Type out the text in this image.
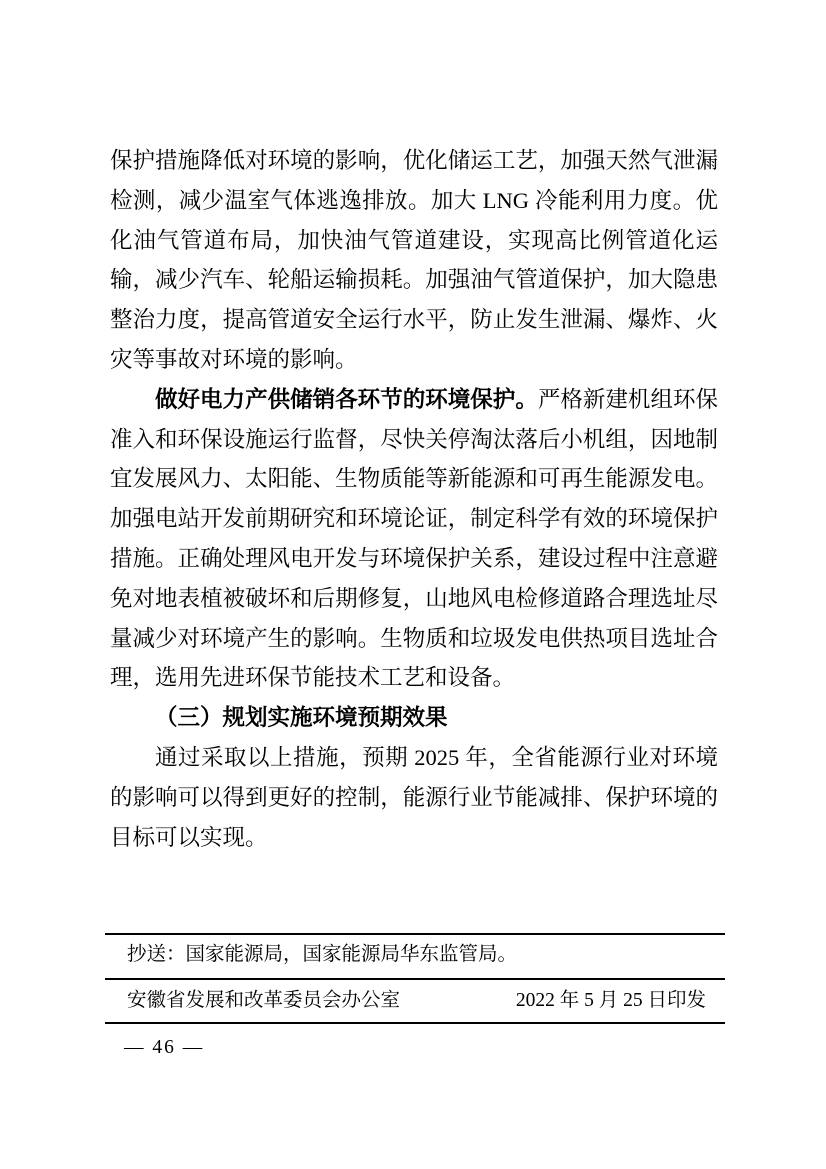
保护措施降低对环境的影响，优化储运工艺，加强天然气泄漏检测，减少温室气体逃逸排放。加大 LNG 冷能利用力度。优化油气管道布局，加快油气管道建设，实现高比例管道化运输，减少汽车、轮船运输损耗。加强油气管道保护，加大隐患整治力度，提高管道安全运行水平，防止发生泄漏、爆炸、火灾等事故对环境的影响。

做好电力产供储销各环节的环境保护。严格新建机组环保准入和环保设施运行监督，尽快关停淘汰落后小机组，因地制宜发展风力、太阳能、生物质能等新能源和可再生能源发电。加强电站开发前期研究和环境论证，制定科学有效的环境保护措施。正确处理风电开发与环境保护关系，建设过程中注意避免对地表植被破坏和后期修复，山地风电检修道路合理选址尽量减少对环境产生的影响。生物质和垃圾发电供热项目选址合理，选用先进环保节能技术工艺和设备。

（三）规划实施环境预期效果

通过采取以上措施，预期 2025 年，全省能源行业对环境的影响可以得到更好的控制，能源行业节能减排、保护环境的目标可以实现。

抄送：国家能源局，国家能源局华东监管局。
安徽省发展和改革委员会办公室	2022 年 5 月 25 日印发
— 46 —
